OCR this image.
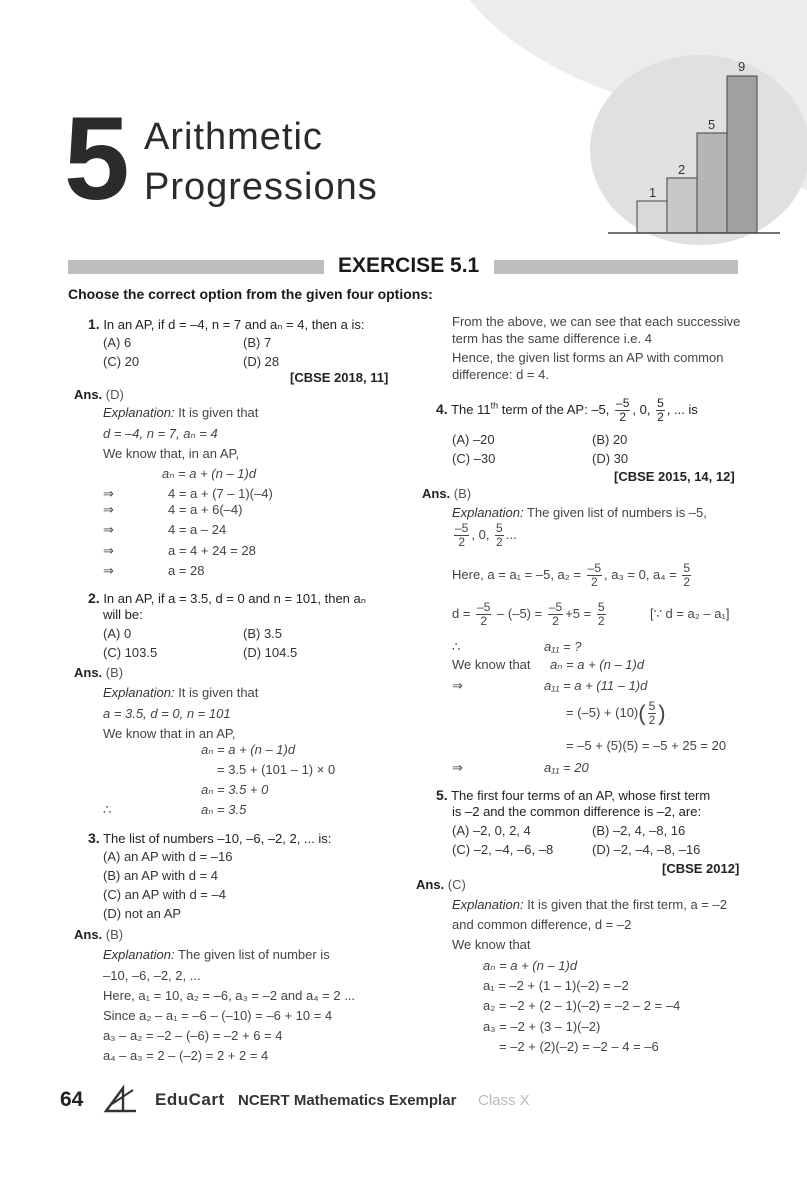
1
2
5
9
5 Arithmetic
Progressions
EXERCISE 5.1
Choose the correct option from the given four options:
1. In an AP, if d = –4, n = 7 and aₙ = 4, then a is:
(A) 6	(B) 7
(C) 20	(D) 28
[CBSE 2018, 11]
Ans. (D)
Explanation: It is given that
d = –4, n = 7, aₙ = 4
We know that, in an AP,
aₙ = a + (n – 1)d
⇒	4 = a + (7 – 1)(–4)
⇒	4 = a + 6(–4)
⇒	4 = a – 24
⇒	a = 4 + 24 = 28
⇒	a = 28
2. In an AP, if a = 3.5, d = 0 and n = 101, then aₙ
will be:
(A) 0	(B) 3.5
(C) 103.5	(D) 104.5
Ans. (B)
Explanation: It is given that
a = 3.5, d = 0, n = 101
We know that in an AP,
aₙ = a + (n – 1)d
= 3.5 + (101 – 1) × 0
aₙ = 3.5 + 0
∴	aₙ = 3.5
3. The list of numbers –10, –6, –2, 2, ... is:
(A) an AP with d = –16
(B) an AP with d = 4
(C) an AP with d = –4
(D) not an AP
Ans. (B)
Explanation: The given list of number is
–10, –6, –2, 2, ...
Here, a₁ = 10, a₂ = –6, a₃ = –2 and a₄ = 2 ...
Since a₂ – a₁ = –6 – (–10) = –6 + 10 = 4
a₃ – a₂ = –2 – (–6) = –2 + 6 = 4
a₄ – a₃ = 2 – (–2) = 2 + 2 = 4
From the above, we can see that each successive
term has the same difference i.e. 4
Hence, the given list forms an AP with common
difference: d = 4.
4. The 11th term of the AP: –5, $\frac{-5}{2}$ , 0, $\frac{5}{2}$ , ... is
(A) –20	(B) 20
(C) –30	(D) 30
[CBSE 2015, 14, 12]
Ans. (B)
Explanation: The given list of numbers is –5,
$\frac{-5}{2}$ , 0, $\frac{5}{2}$ ...
Here, a = a₁ = –5, $a_2 = \frac{-5}{2}$ , a₃ = 0, $a_4 = \frac{5}{2}$
$d = \frac{-5}{2} - (-5) = \frac{-5}{2} +5 = \frac{5}{2}$	[∵ d = a₂ – a₁]
∴	a₁₁ = ?
We know that aₙ = a + (n – 1)d
⇒	a₁₁ = a + (11 – 1)d
= $(-5) + (10)( \frac{5}{2}$ )
= –5 + (5)(5) = –5 + 25 = 20
⇒	a₁₁ = 20
5. The first four terms of an AP, whose first term
is –2 and the common difference is –2, are:
(A) –2, 0, 2, 4	(B) –2, 4, –8, 16
(C) –2, –4, –6, –8	(D) –2, –4, –8, –16
[CBSE 2012]
Ans. (C)
Explanation: It is given that the first term, a = –2
and common difference, d = –2
We know that
aₙ = a + (n – 1)d
a₁ = –2 + (1 – 1)(–2) = –2
a₂ = –2 + (2 – 1)(–2) = –2 – 2 = –4
a₃ = –2 + (3 – 1)(–2)
= –2 + (2)(–2) = –2 – 4 = –6
64	EduCart NCERT Mathematics Exemplar Class X
